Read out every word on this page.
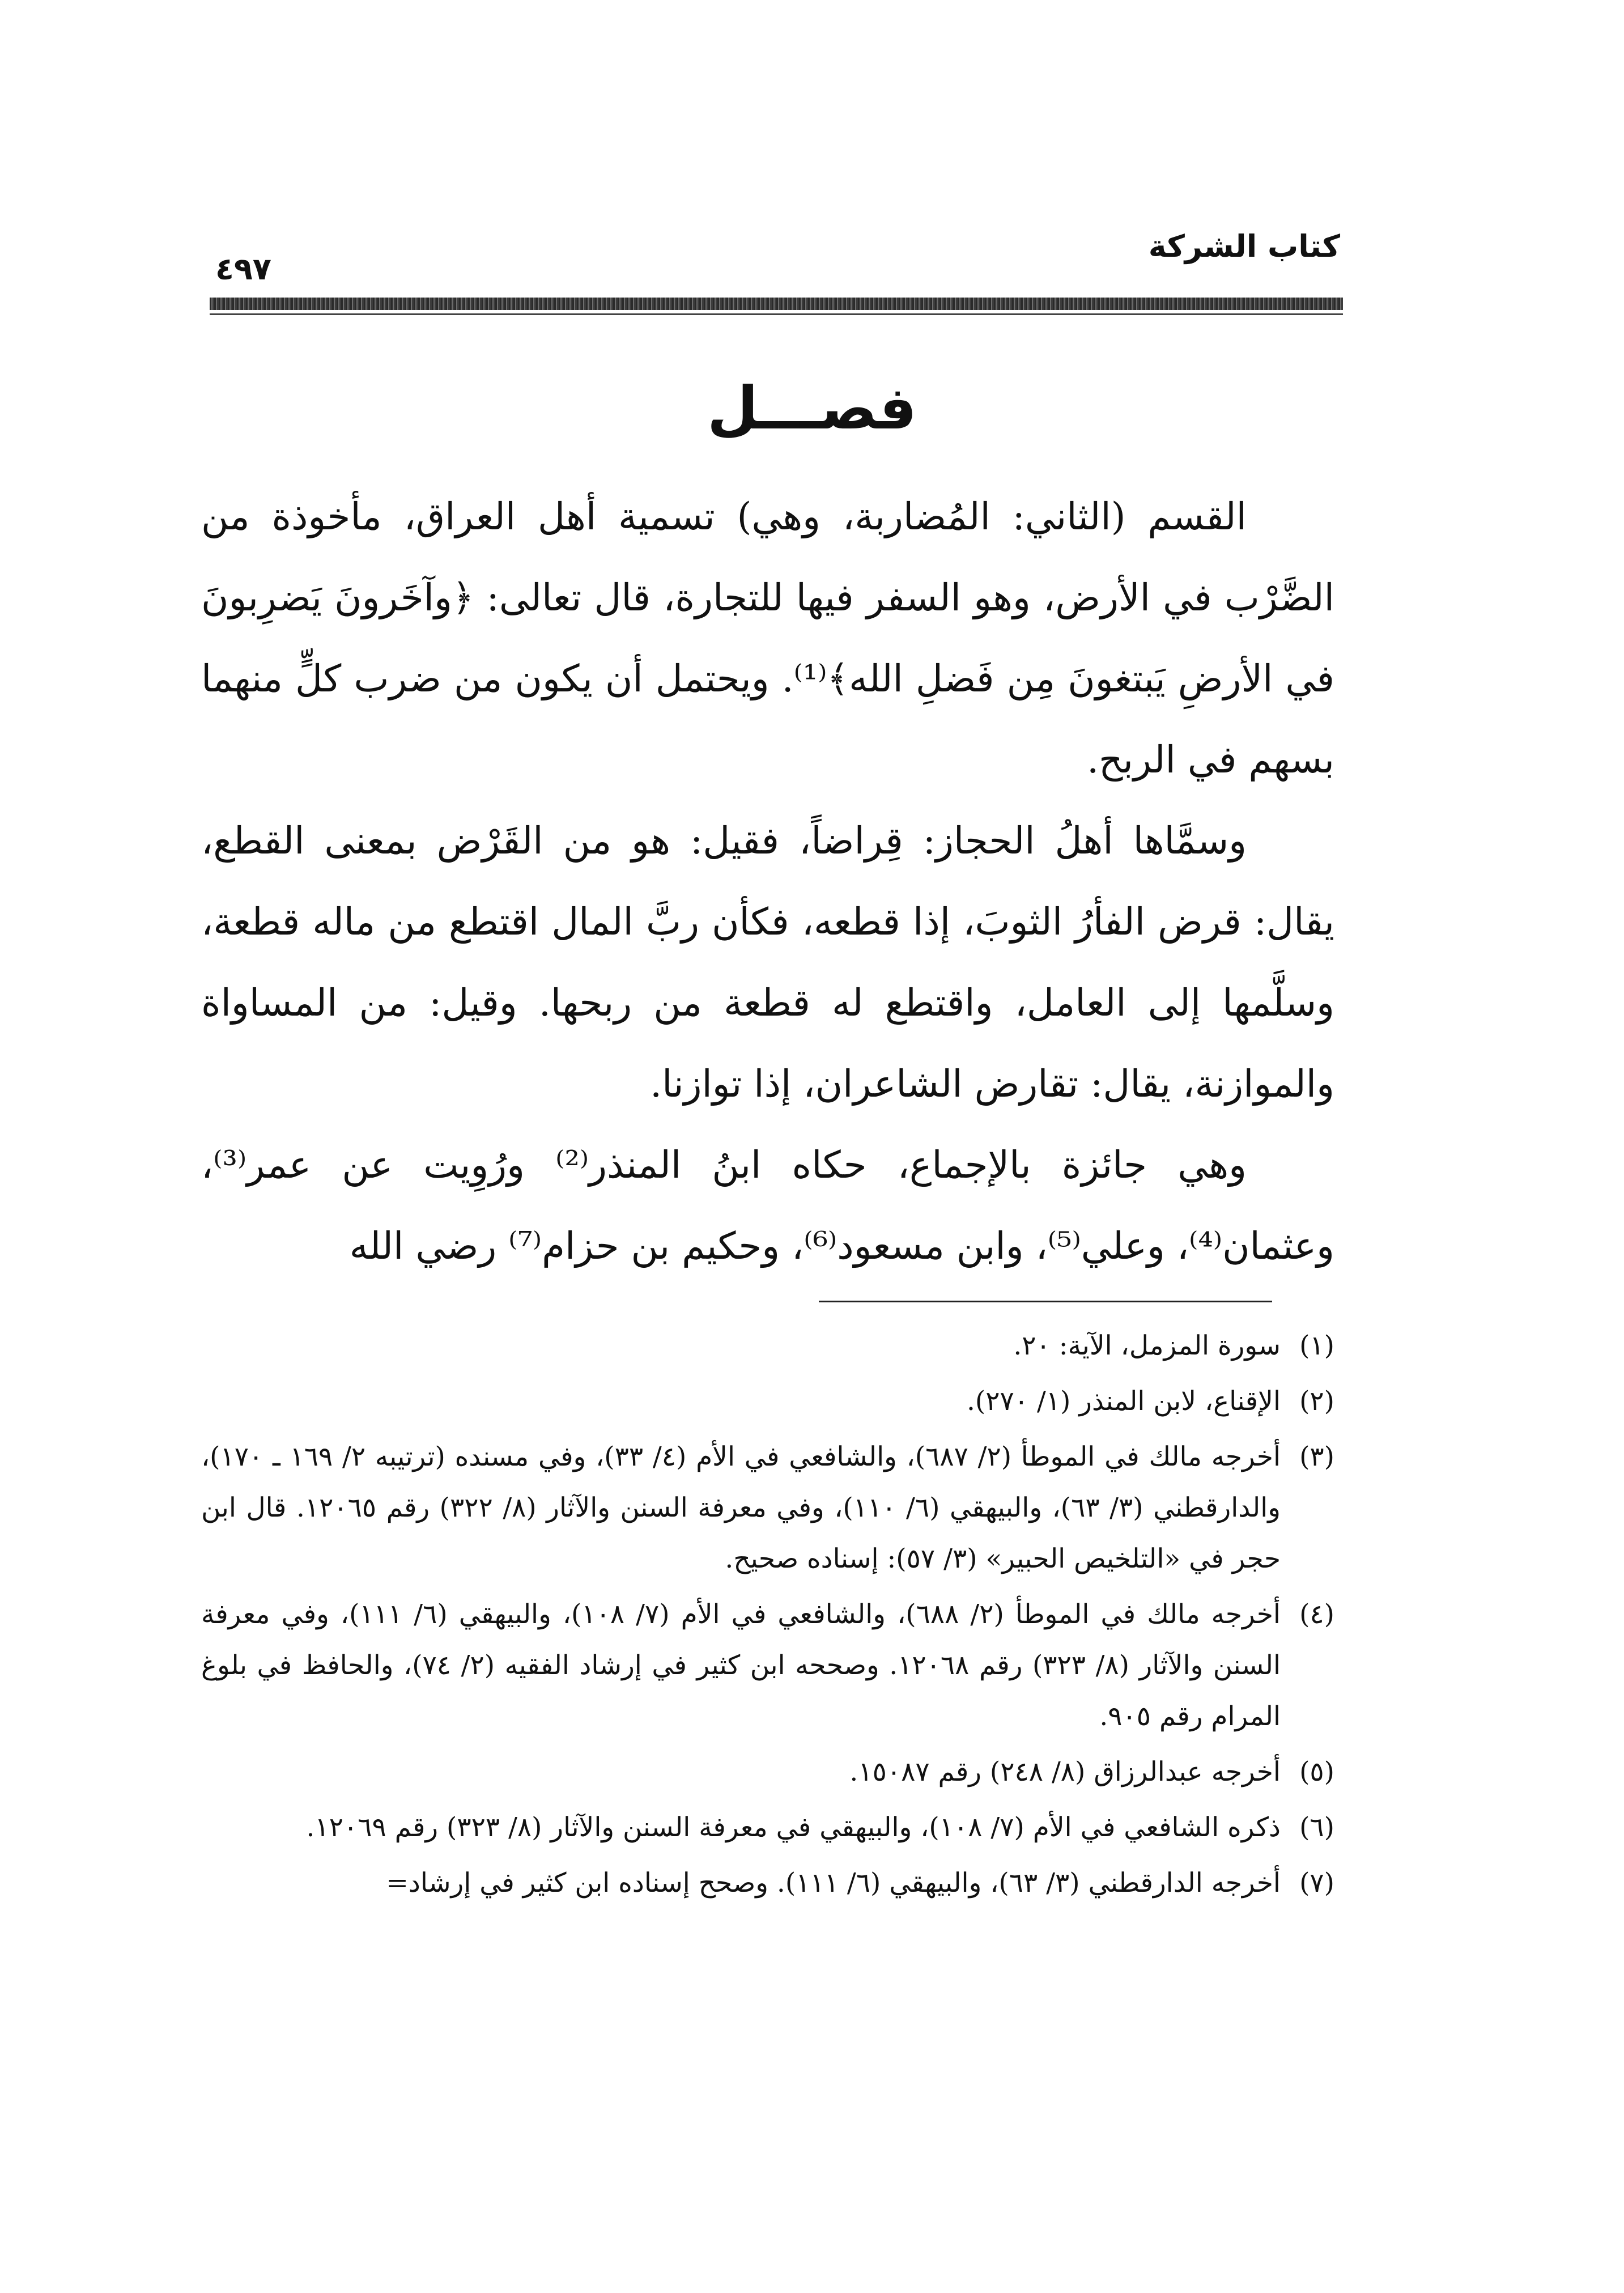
كتاب الشركة
٤٩٧
فصـــل

القسم (الثاني: المُضاربة، وهي) تسمية أهل العراق، مأخوذة من الضَّرْب في الأرض، وهو السفر فيها للتجارة، قال تعالى: ﴿وآخَرونَ يَضرِبونَ في الأرضِ يَبتغونَ مِن فَضلِ الله﴾⁽¹⁾. ويحتمل أن يكون من ضرب كلٍّ منهما بسهم في الربح.

وسمَّاها أهلُ الحجاز: قِراضاً، فقيل: هو من القَرْض بمعنى القطع، يقال: قرض الفأرُ الثوبَ، إذا قطعه، فكأن ربَّ المال اقتطع من ماله قطعة، وسلَّمها إلى العامل، واقتطع له قطعة من ربحها. وقيل: من المساواة والموازنة، يقال: تقارض الشاعران، إذا توازنا.

وهي جائزة بالإجماع، حكاه ابنُ المنذر⁽²⁾ ورُوِيت عن عمر⁽³⁾، وعثمان⁽⁴⁾، وعلي⁽⁵⁾، وابن مسعود⁽⁶⁾، وحكيم بن حزام⁽⁷⁾ رضي الله

(١)
سورة المزمل، الآية: ٢٠.
(٢)
الإقناع، لابن المنذر (١/ ٢٧٠).
(٣)
أخرجه مالك في الموطأ (٢/ ٦٨٧)، والشافعي في الأم (٤/ ٣٣)، وفي مسنده (ترتيبه ٢/ ١٦٩ ـ ١٧٠)، والدارقطني (٣/ ٦٣)، والبيهقي (٦/ ١١٠)، وفي معرفة السنن والآثار (٨/ ٣٢٢) رقم ١٢٠٦٥. قال ابن حجر في «التلخيص الحبير» (٣/ ٥٧): إسناده صحيح.
(٤)
أخرجه مالك في الموطأ (٢/ ٦٨٨)، والشافعي في الأم (٧/ ١٠٨)، والبيهقي (٦/ ١١١)، وفي معرفة السنن والآثار (٨/ ٣٢٣) رقم ١٢٠٦٨. وصححه ابن كثير في إرشاد الفقيه (٢/ ٧٤)، والحافظ في بلوغ المرام رقم ٩٠٥.
(٥)
أخرجه عبدالرزاق (٨/ ٢٤٨) رقم ١٥٠٨٧.
(٦)
ذكره الشافعي في الأم (٧/ ١٠٨)، والبيهقي في معرفة السنن والآثار (٨/ ٣٢٣) رقم ١٢٠٦٩.
(٧)
أخرجه الدارقطني (٣/ ٦٣)، والبيهقي (٦/ ١١١). وصحح إسناده ابن كثير في إرشاد=
